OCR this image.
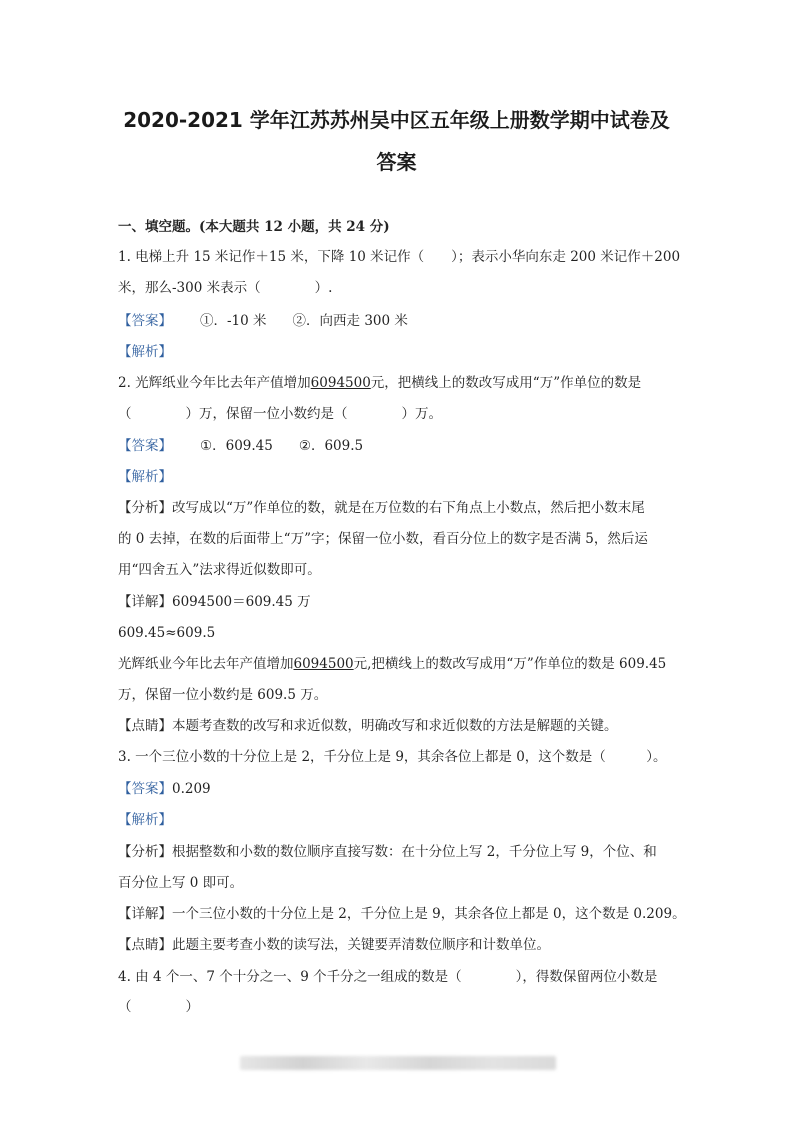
2020-2021 学年江苏苏州吴中区五年级上册数学期中试卷及
答案
一、填空题。(本大题共 12 小题，共 24 分)
1. 电梯上升 15 米记作＋15 米，下降 10 米记作（　　）；表示小华向东走 200 米记作＋200
米，那么-300 米表示（　　　　）.
【答案】 ①．-10 米 ②．向西走 300 米
【解析】
2. 光辉纸业今年比去年产值增加6094500元，把横线上的数改写成用“万”作单位的数是
（　　　　）万，保留一位小数约是（　　　　）万。
【答案】 ①．609.45 ②．609.5
【解析】
【分析】改写成以“万”作单位的数，就是在万位数的右下角点上小数点，然后把小数末尾
的 0 去掉，在数的后面带上“万”字；保留一位小数，看百分位上的数字是否满 5，然后运
用“四舍五入”法求得近似数即可。
【详解】6094500＝609.45 万
609.45≈609.5
光辉纸业今年比去年产值增加6094500元,把横线上的数改写成用“万”作单位的数是 609.45
万，保留一位小数约是 609.5 万。
【点睛】本题考查数的改写和求近似数，明确改写和求近似数的方法是解题的关键。
3. 一个三位小数的十分位上是 2，千分位上是 9，其余各位上都是 0，这个数是（　　　）。
【答案】0.209
【解析】
【分析】根据整数和小数的数位顺序直接写数：在十分位上写 2，千分位上写 9，个位、和
百分位上写 0 即可。
【详解】一个三位小数的十分位上是 2，千分位上是 9，其余各位上都是 0，这个数是 0.209。
【点睛】此题主要考查小数的读写法，关键要弄清数位顺序和计数单位。
4. 由 4 个一、7 个十分之一、9 个千分之一组成的数是（　　　　），得数保留两位小数是
（　　　　）
